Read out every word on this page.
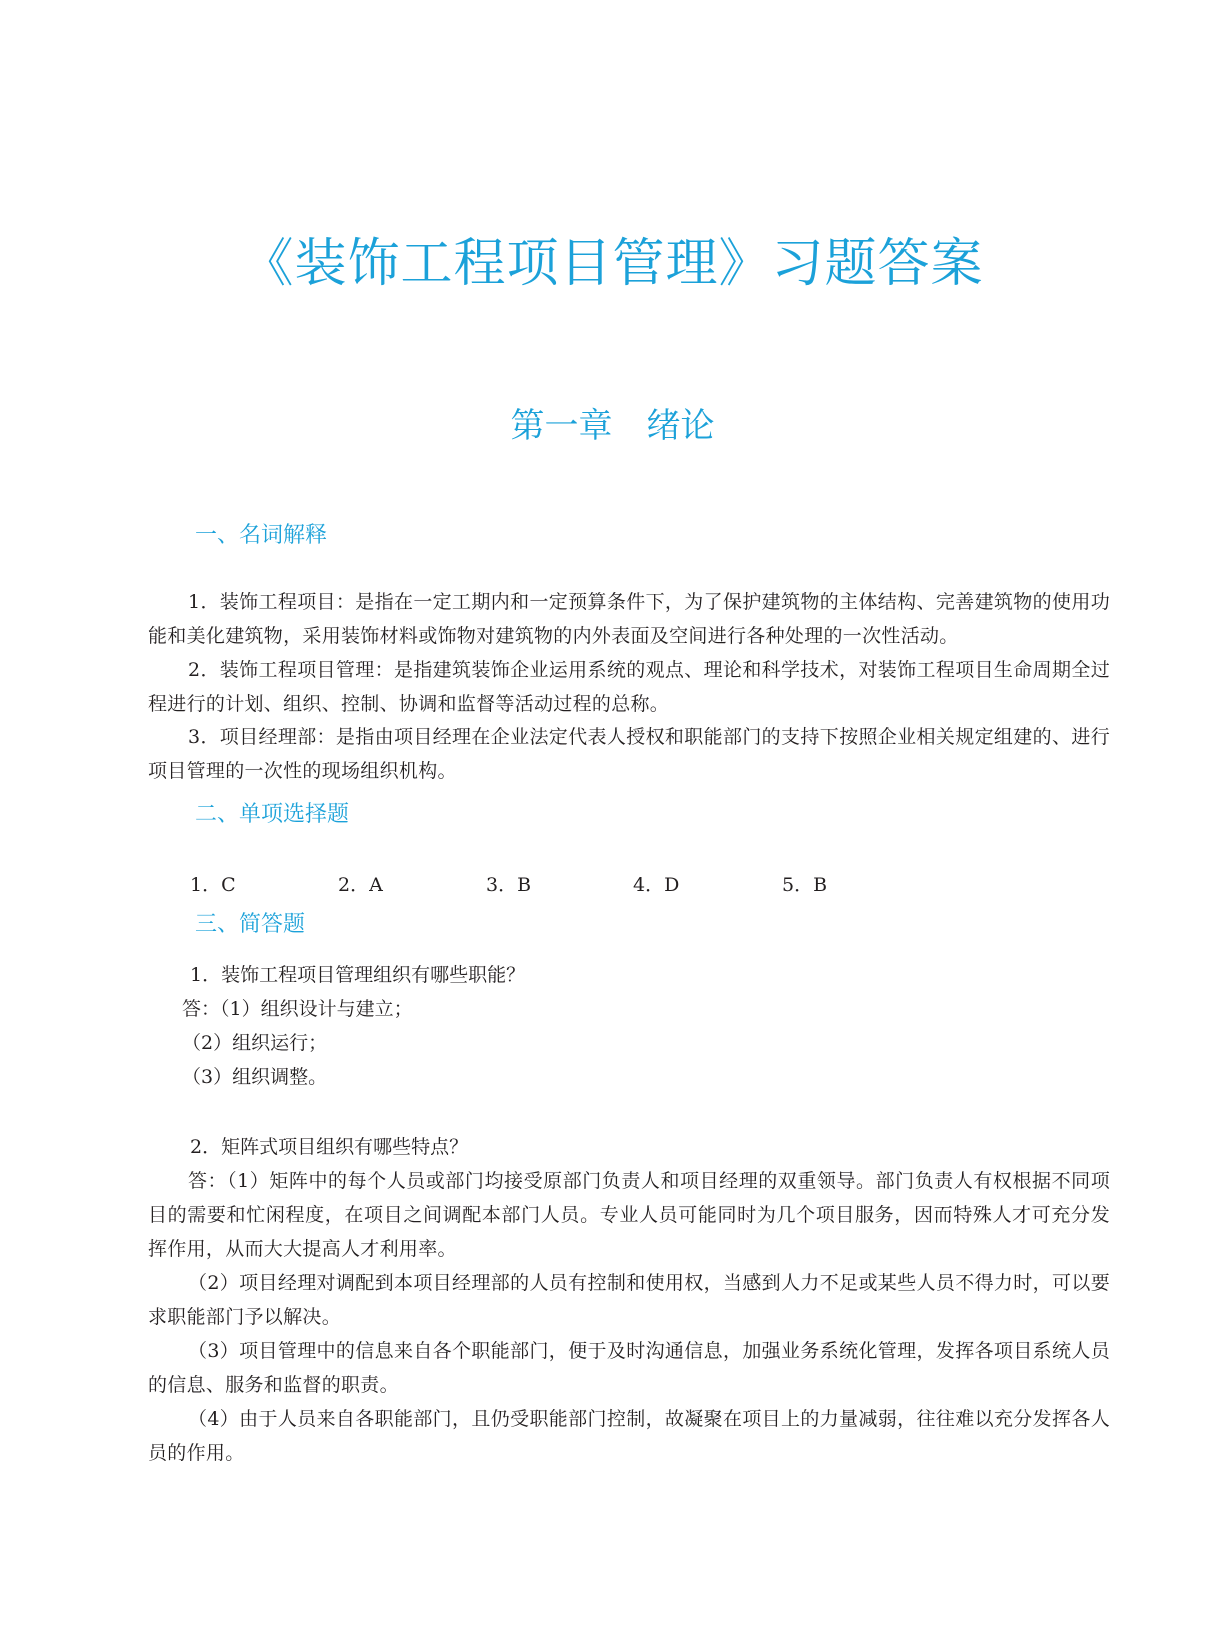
《装饰工程项目管理》习题答案
第一章　绪论
一、名词解释

1．装饰工程项目：是指在一定工期内和一定预算条件下，为了保护建筑物的主体结构、完善建筑物的使用功能和美化建筑物，采用装饰材料或饰物对建筑物的内外表面及空间进行各种处理的一次性活动。

2．装饰工程项目管理：是指建筑装饰企业运用系统的观点、理论和科学技术，对装饰工程项目生命周期全过程进行的计划、组织、控制、协调和监督等活动过程的总称。

3．项目经理部：是指由项目经理在企业法定代表人授权和职能部门的支持下按照企业相关规定组建的、进行项目管理的一次性的现场组织机构。

二、单项选择题
1．C	2．A	3．B	4．D	5．B
三、简答题

1．装饰工程项目管理组织有哪些职能？

答：（1）组织设计与建立；

（2）组织运行；

（3）组织调整。

2．矩阵式项目组织有哪些特点？

答：（1）矩阵中的每个人员或部门均接受原部门负责人和项目经理的双重领导。部门负责人有权根据不同项目的需要和忙闲程度，在项目之间调配本部门人员。专业人员可能同时为几个项目服务，因而特殊人才可充分发挥作用，从而大大提高人才利用率。

（2）项目经理对调配到本项目经理部的人员有控制和使用权，当感到人力不足或某些人员不得力时，可以要求职能部门予以解决。

（3）项目管理中的信息来自各个职能部门，便于及时沟通信息，加强业务系统化管理，发挥各项目系统人员的信息、服务和监督的职责。

（4）由于人员来自各职能部门，且仍受职能部门控制，故凝聚在项目上的力量减弱，往往难以充分发挥各人员的作用。
